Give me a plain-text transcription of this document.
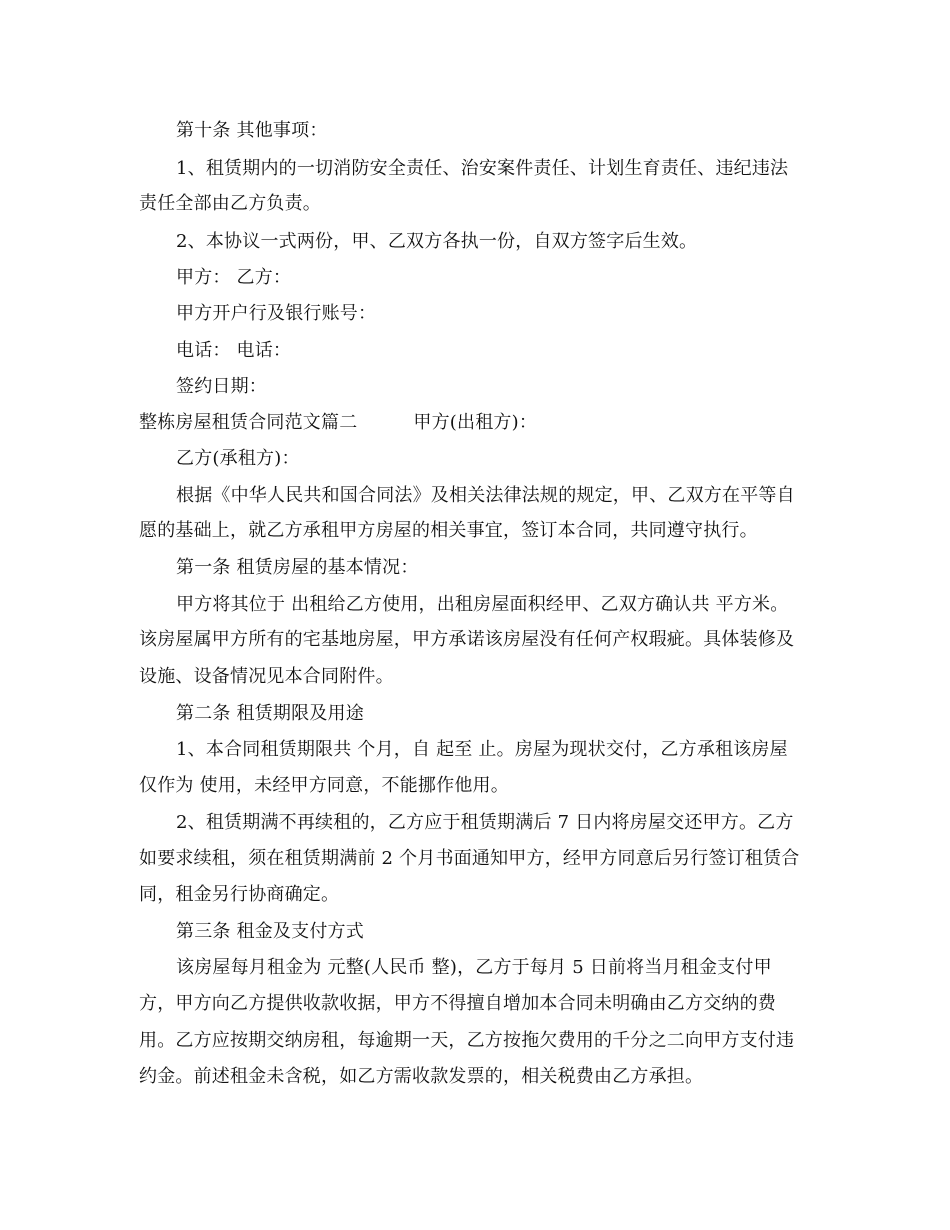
第十条 其他事项：
1、租赁期内的一切消防安全责任、治安案件责任、计划生育责任、违纪违法
责任全部由乙方负责。
2、本协议一式两份，甲、乙双方各执一份，自双方签字后生效。
甲方： 乙方：
甲方开户行及银行账号：
电话： 电话：
签约日期：
整栋房屋租赁合同范文篇二	甲方(出租方)：
乙方(承租方)：
根据《中华人民共和国合同法》及相关法律法规的规定，甲、乙双方在平等自
愿的基础上，就乙方承租甲方房屋的相关事宜，签订本合同，共同遵守执行。
第一条 租赁房屋的基本情况：
甲方将其位于 出租给乙方使用，出租房屋面积经甲、乙双方确认共 平方米。
该房屋属甲方所有的宅基地房屋，甲方承诺该房屋没有任何产权瑕疵。具体装修及
设施、设备情况见本合同附件。
第二条 租赁期限及用途
1、本合同租赁期限共 个月，自 起至 止。房屋为现状交付，乙方承租该房屋
仅作为 使用，未经甲方同意，不能挪作他用。
2、租赁期满不再续租的，乙方应于租赁期满后 7 日内将房屋交还甲方。乙方
如要求续租，须在租赁期满前 2 个月书面通知甲方，经甲方同意后另行签订租赁合
同，租金另行协商确定。
第三条 租金及支付方式
该房屋每月租金为 元整(人民币 整)，乙方于每月 5 日前将当月租金支付甲
方，甲方向乙方提供收款收据，甲方不得擅自增加本合同未明确由乙方交纳的费
用。乙方应按期交纳房租，每逾期一天，乙方按拖欠费用的千分之二向甲方支付违
约金。前述租金未含税，如乙方需收款发票的，相关税费由乙方承担。
